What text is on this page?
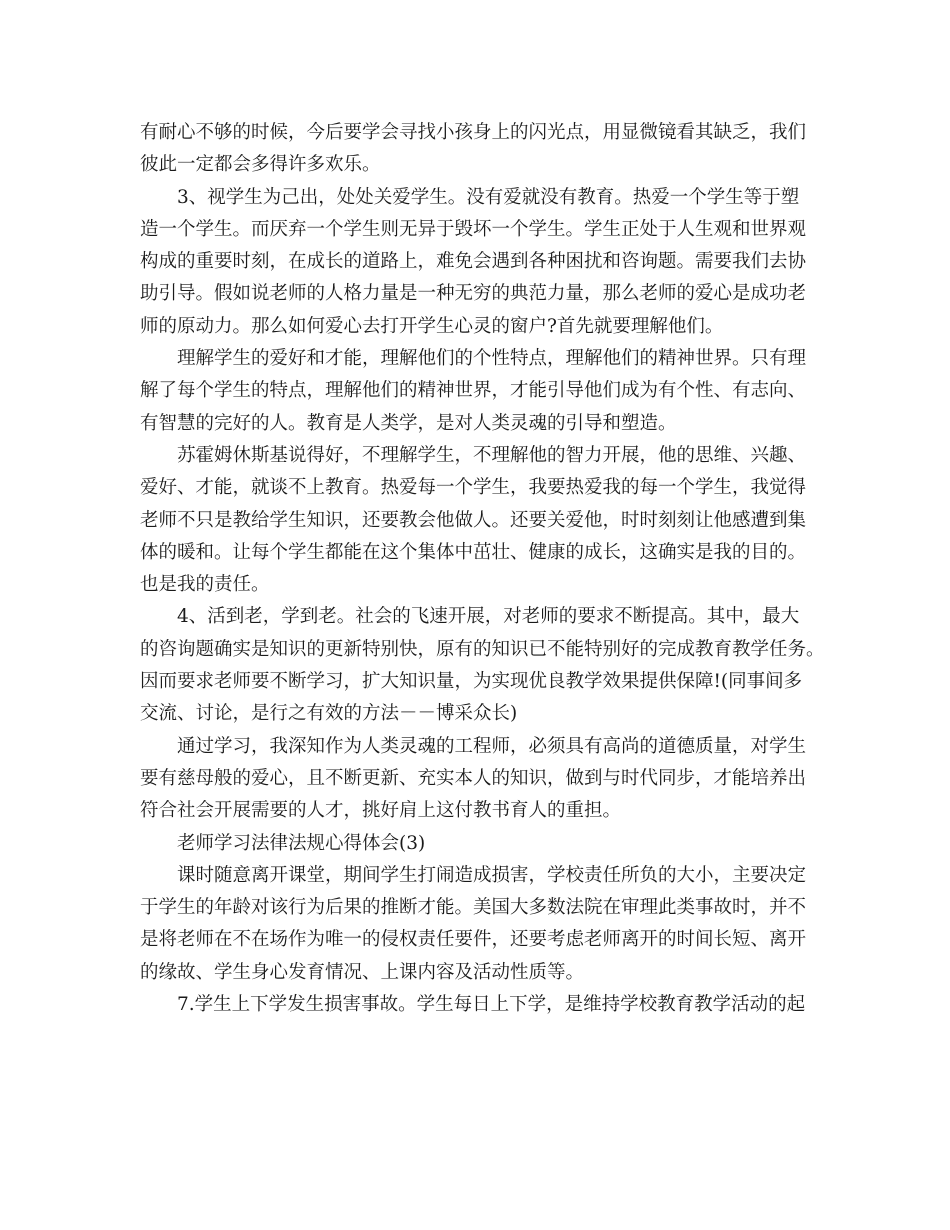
有耐心不够的时候，今后要学会寻找小孩身上的闪光点，用显微镜看其缺乏，我们
彼此一定都会多得许多欢乐。
3、视学生为己出，处处关爱学生。没有爱就没有教育。热爱一个学生等于塑
造一个学生。而厌弃一个学生则无异于毁坏一个学生。学生正处于人生观和世界观
构成的重要时刻，在成长的道路上，难免会遇到各种困扰和咨询题。需要我们去协
助引导。假如说老师的人格力量是一种无穷的典范力量，那么老师的爱心是成功老
师的原动力。那么如何爱心去打开学生心灵的窗户?首先就要理解他们。
理解学生的爱好和才能，理解他们的个性特点，理解他们的精神世界。只有理
解了每个学生的特点，理解他们的精神世界，才能引导他们成为有个性、有志向、
有智慧的完好的人。教育是人类学，是对人类灵魂的引导和塑造。
苏霍姆休斯基说得好，不理解学生，不理解他的智力开展，他的思维、兴趣、
爱好、才能，就谈不上教育。热爱每一个学生，我要热爱我的每一个学生，我觉得
老师不只是教给学生知识，还要教会他做人。还要关爱他，时时刻刻让他感遭到集
体的暖和。让每个学生都能在这个集体中茁壮、健康的成长，这确实是我的目的。
也是我的责任。
4、活到老，学到老。社会的飞速开展，对老师的要求不断提高。其中，最大
的咨询题确实是知识的更新特别快，原有的知识已不能特别好的完成教育教学任务。
因而要求老师要不断学习，扩大知识量，为实现优良教学效果提供保障!(同事间多
交流、讨论，是行之有效的方法－－博采众长)
通过学习，我深知作为人类灵魂的工程师，必须具有高尚的道德质量，对学生
要有慈母般的爱心，且不断更新、充实本人的知识，做到与时代同步，才能培养出
符合社会开展需要的人才，挑好肩上这付教书育人的重担。
老师学习法律法规心得体会(3)
课时随意离开课堂，期间学生打闹造成损害，学校责任所负的大小，主要决定
于学生的年龄对该行为后果的推断才能。美国大多数法院在审理此类事故时，并不
是将老师在不在场作为唯一的侵权责任要件，还要考虑老师离开的时间长短、离开
的缘故、学生身心发育情况、上课内容及活动性质等。
7.学生上下学发生损害事故。学生每日上下学，是维持学校教育教学活动的起
